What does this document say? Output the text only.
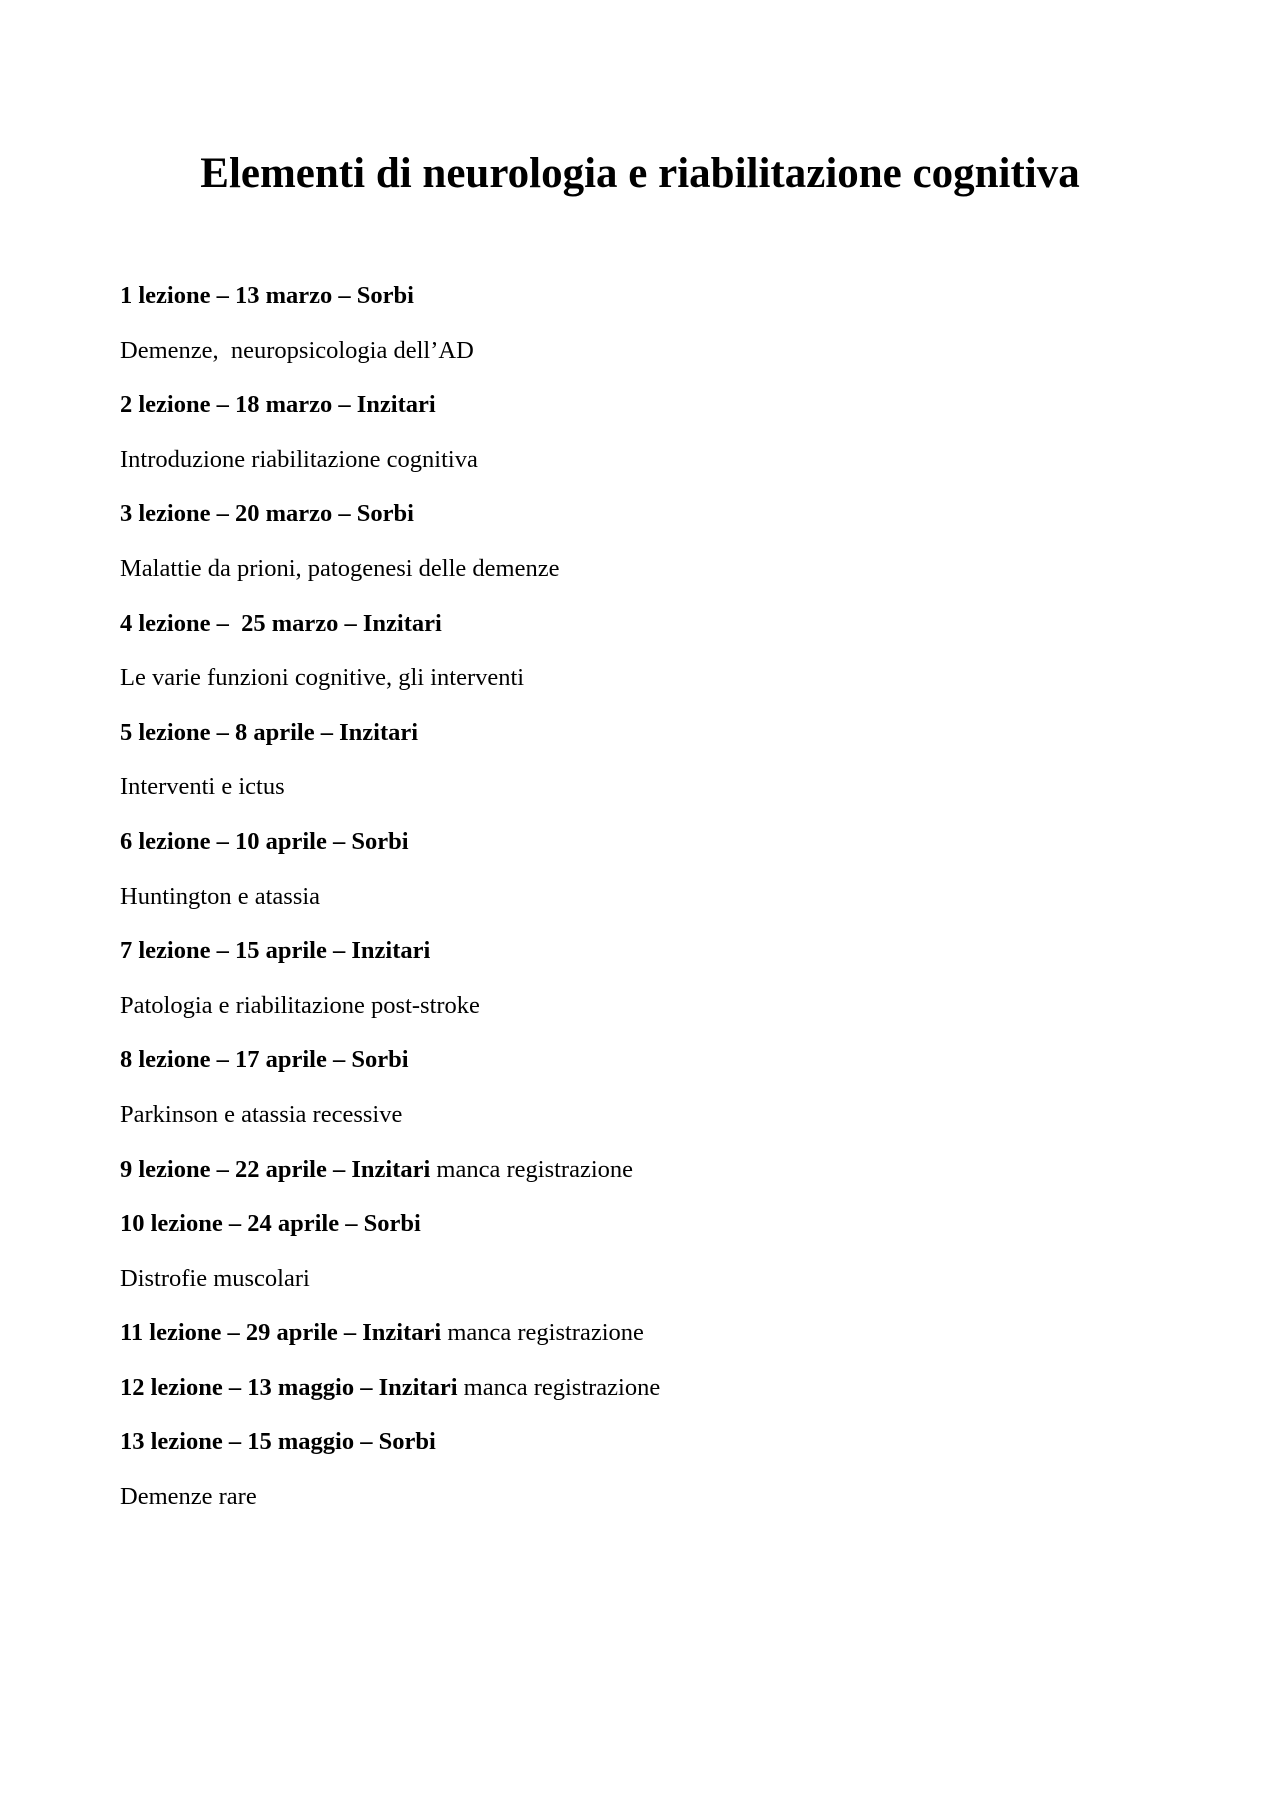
Elementi di neurologia e riabilitazione cognitiva
1 lezione – 13 marzo – Sorbi
Demenze,  neuropsicologia dell’AD
2 lezione – 18 marzo – Inzitari
Introduzione riabilitazione cognitiva
3 lezione – 20 marzo – Sorbi
Malattie da prioni, patogenesi delle demenze
4 lezione –  25 marzo – Inzitari
Le varie funzioni cognitive, gli interventi
5 lezione – 8 aprile – Inzitari
Interventi e ictus
6 lezione – 10 aprile – Sorbi
Huntington e atassia
7 lezione – 15 aprile – Inzitari
Patologia e riabilitazione post-stroke
8 lezione – 17 aprile – Sorbi
Parkinson e atassia recessive
9 lezione – 22 aprile – Inzitari manca registrazione
10 lezione – 24 aprile – Sorbi
Distrofie muscolari
11 lezione – 29 aprile – Inzitari manca registrazione
12 lezione – 13 maggio – Inzitari manca registrazione
13 lezione – 15 maggio – Sorbi
Demenze rare
